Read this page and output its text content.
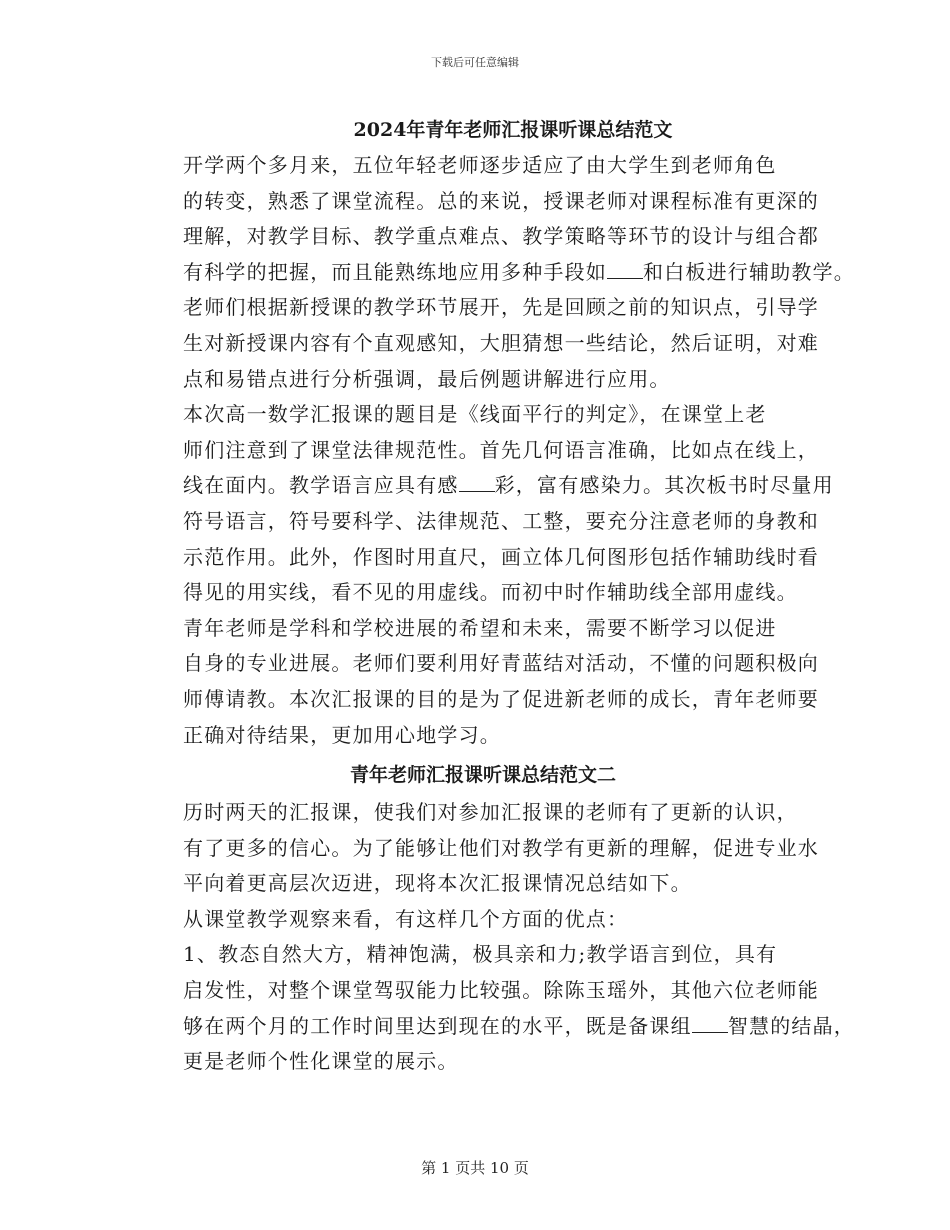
下载后可任意编辑
2024年青年老师汇报课听课总结范文

开学两个多月来，五位年轻老师逐步适应了由大学生到老师角色
的转变，熟悉了课堂流程。总的来说，授课老师对课程标准有更深的
理解，对教学目标、教学重点难点、教学策略等环节的设计与组合都
有科学的把握，而且能熟练地应用多种手段如 和白板进行辅助教学。
老师们根据新授课的教学环节展开，先是回顾之前的知识点，引导学
生对新授课内容有个直观感知，大胆猜想一些结论，然后证明，对难
点和易错点进行分析强调，最后例题讲解进行应用。

本次高一数学汇报课的题目是《线面平行的判定》，在课堂上老
师们注意到了课堂法律规范性。首先几何语言准确，比如点在线上，
线在面内。教学语言应具有感 彩，富有感染力。其次板书时尽量用
符号语言，符号要科学、法律规范、工整，要充分注意老师的身教和
示范作用。此外，作图时用直尺，画立体几何图形包括作辅助线时看
得见的用实线，看不见的用虚线。而初中时作辅助线全部用虚线。

青年老师是学科和学校进展的希望和未来，需要不断学习以促进
自身的专业进展。老师们要利用好青蓝结对活动，不懂的问题积极向
师傅请教。本次汇报课的目的是为了促进新老师的成长，青年老师要
正确对待结果，更加用心地学习。

青年老师汇报课听课总结范文二

历时两天的汇报课，使我们对参加汇报课的老师有了更新的认识，
有了更多的信心。为了能够让他们对教学有更新的理解，促进专业水
平向着更高层次迈进，现将本次汇报课情况总结如下。

从课堂教学观察来看，有这样几个方面的优点：

1、教态自然大方，精神饱满，极具亲和力;教学语言到位，具有
启发性，对整个课堂驾驭能力比较强。除陈玉瑶外，其他六位老师能
够在两个月的工作时间里达到现在的水平，既是备课组 智慧的结晶，
更是老师个性化课堂的展示。

第 1 页共 10 页
